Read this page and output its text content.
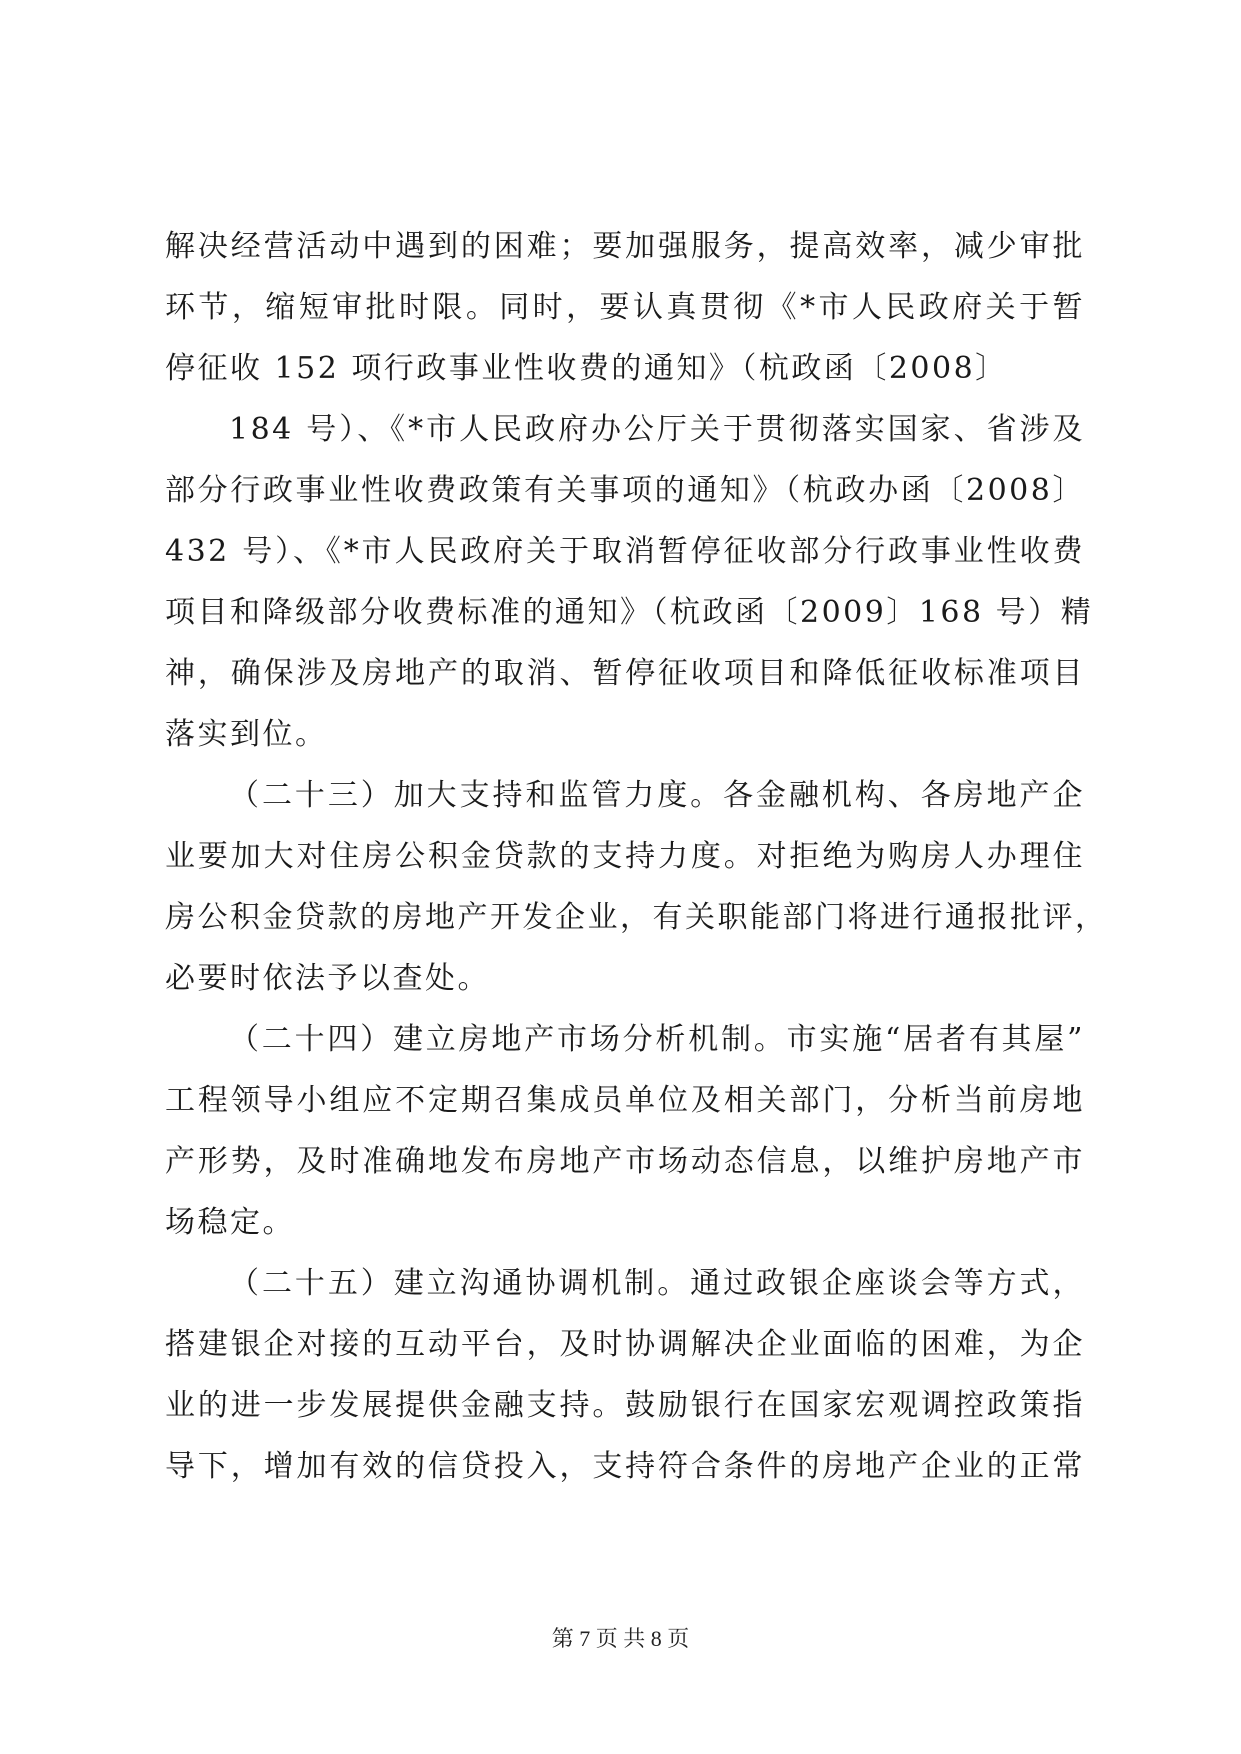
解决经营活动中遇到的困难；要加强服务，提高效率，减少审批
环节，缩短审批时限。同时，要认真贯彻《*市人民政府关于暂
停征收 152 项行政事业性收费的通知》（杭政函〔2008〕
184 号）、《*市人民政府办公厅关于贯彻落实国家、省涉及
部分行政事业性收费政策有关事项的通知》（杭政办函〔2008〕
432 号）、《*市人民政府关于取消暂停征收部分行政事业性收费
项目和降级部分收费标准的通知》（杭政函〔2009〕168 号）精
神，确保涉及房地产的取消、暂停征收项目和降低征收标准项目
落实到位。
（二十三）加大支持和监管力度。各金融机构、各房地产企
业要加大对住房公积金贷款的支持力度。对拒绝为购房人办理住
房公积金贷款的房地产开发企业，有关职能部门将进行通报批评，
必要时依法予以查处。
（二十四）建立房地产市场分析机制。市实施“居者有其屋”
工程领导小组应不定期召集成员单位及相关部门，分析当前房地
产形势，及时准确地发布房地产市场动态信息，以维护房地产市
场稳定。
（二十五）建立沟通协调机制。通过政银企座谈会等方式，
搭建银企对接的互动平台，及时协调解决企业面临的困难，为企
业的进一步发展提供金融支持。鼓励银行在国家宏观调控政策指
导下，增加有效的信贷投入，支持符合条件的房地产企业的正常
第 7 页 共 8 页
